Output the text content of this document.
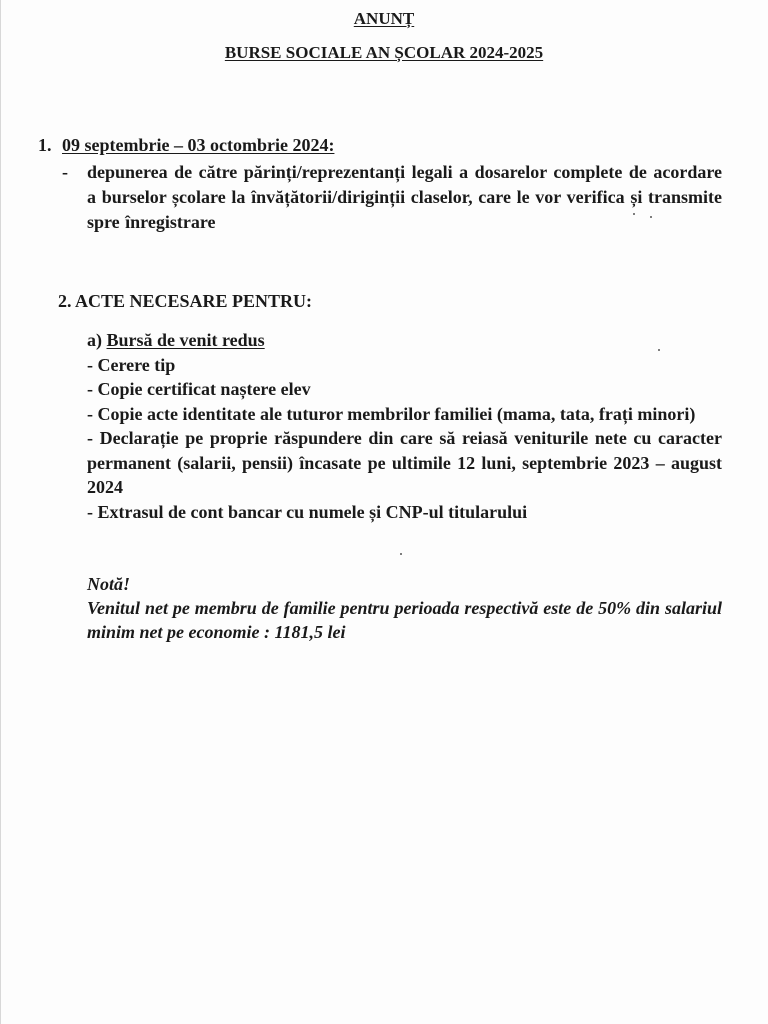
ANUNȚ
BURSE SOCIALE AN ȘCOLAR 2024-2025
1. 09 septembrie – 03 octombrie 2024:
- depunerea de către părinți/reprezentanți legali a dosarelor complete de acordare a burselor școlare la învățătorii/diriginții claselor, care le vor verifica și transmite spre înregistrare
2. ACTE NECESARE PENTRU:
a) Bursă de venit redus
- Cerere tip
- Copie certificat naștere elev
- Copie acte identitate ale tuturor membrilor familiei (mama, tata, frați minori)
- Declarație pe proprie răspundere din care să reiasă veniturile nete cu caracter permanent (salarii, pensii) încasate pe ultimile 12 luni, septembrie 2023 – august 2024
- Extrasul de cont bancar cu numele și CNP-ul titularului
Notă!
Venitul net pe membru de familie pentru perioada respectivă este de 50% din salariul minim net pe economie : 1181,5 lei
